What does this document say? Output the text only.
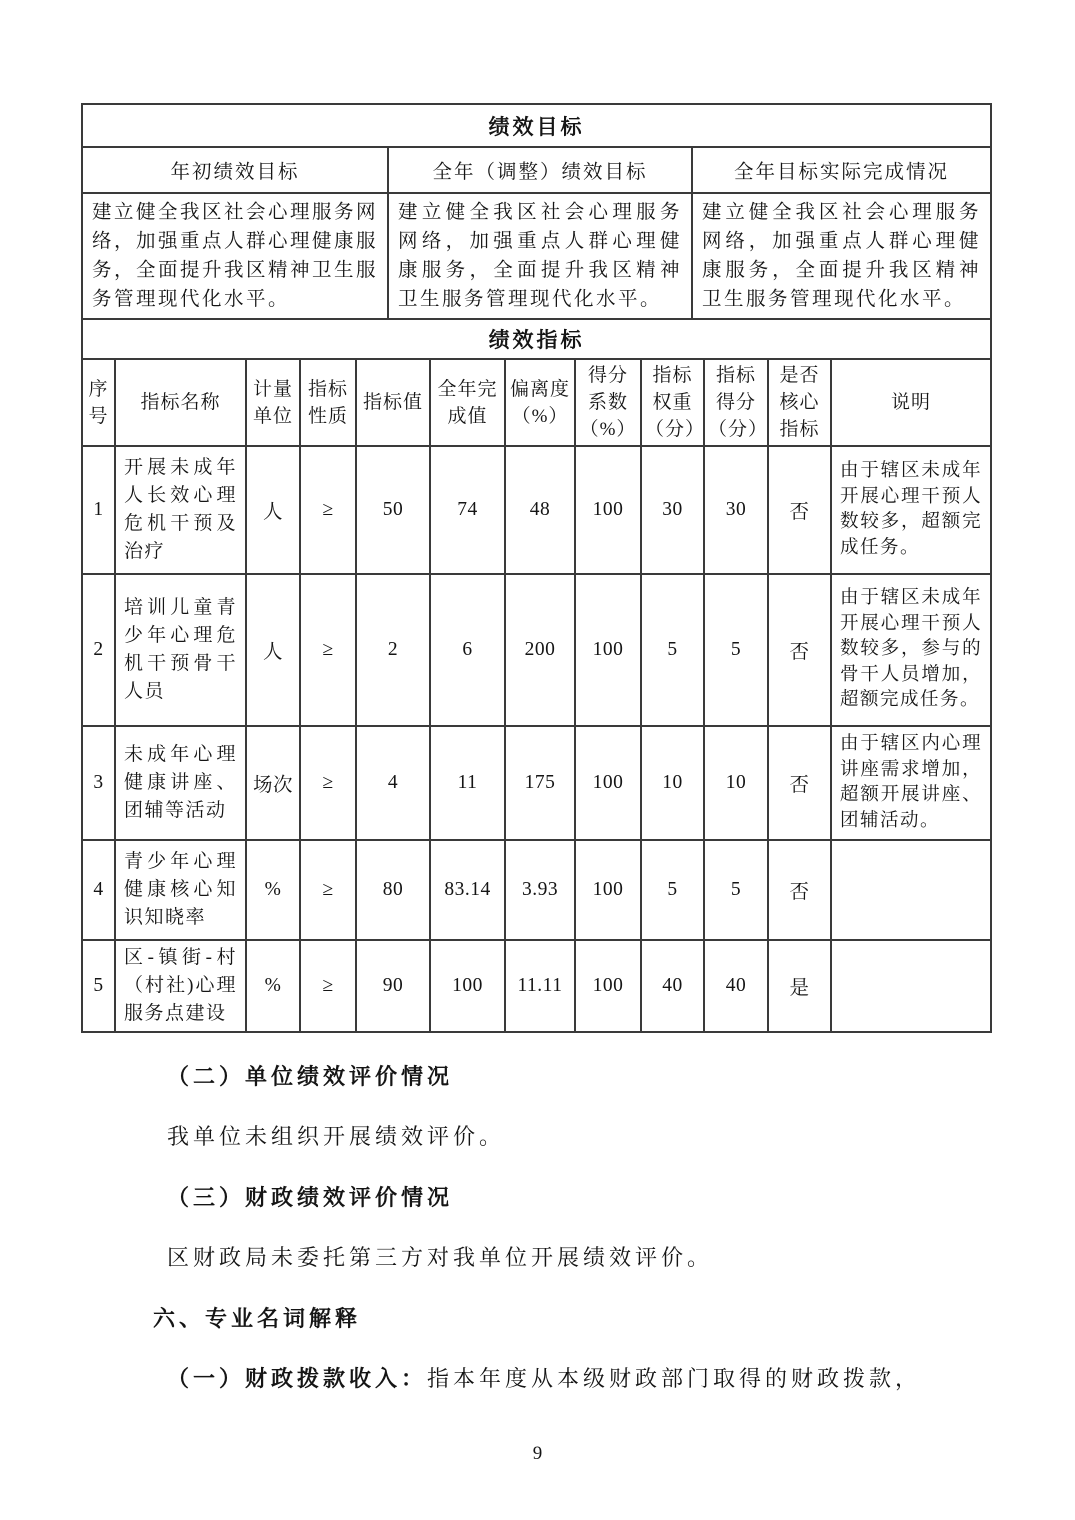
绩效目标		
年初绩效目标	全年（调整）绩效目标	全年目标实际完成情况
建立健全我区社会心理服务网络，加强重点人群心理健康服务，全面提升我区精神卫生服务管理现代化水平。	建立健全我区社会心理服务网络，加强重点人群心理健康服务，全面提升我区精神卫生服务管理现代化水平。	建立健全我区社会心理服务网络，加强重点人群心理健康服务，全面提升我区精神卫生服务管理现代化水平。
绩效指标											
序号	指标名称	计量单位	指标性质	指标值	全年完成值	偏离度（%）	得分系数（%）	指标权重（分）	指标得分（分）	是否核心指标	说明
1	开展未成年人长效心理危机干预及治疗	人	≥	50	74	48	100	30	30	否	由于辖区未成年开展心理干预人数较多，超额完成任务。
2	培训儿童青少年心理危机干预骨干人员	人	≥	2	6	200	100	5	5	否	由于辖区未成年开展心理干预人数较多，参与的骨干人员增加，超额完成任务。
3	未成年心理健康讲座、团辅等活动	场次	≥	4	11	175	100	10	10	否	由于辖区内心理讲座需求增加，超额开展讲座、团辅活动。
4	青少年心理健康核心知识知晓率	%	≥	80	83.14	3.93	100	5	5	否	
5	区-镇街-村（村社)心理服务点建设	%	≥	90	100	11.11	100	40	40	是	
（二）单位绩效评价情况
我单位未组织开展绩效评价。
（三）财政绩效评价情况
区财政局未委托第三方对我单位开展绩效评价。
六、专业名词解释
（一）财政拨款收入：指本年度从本级财政部门取得的财政拨款，
9
